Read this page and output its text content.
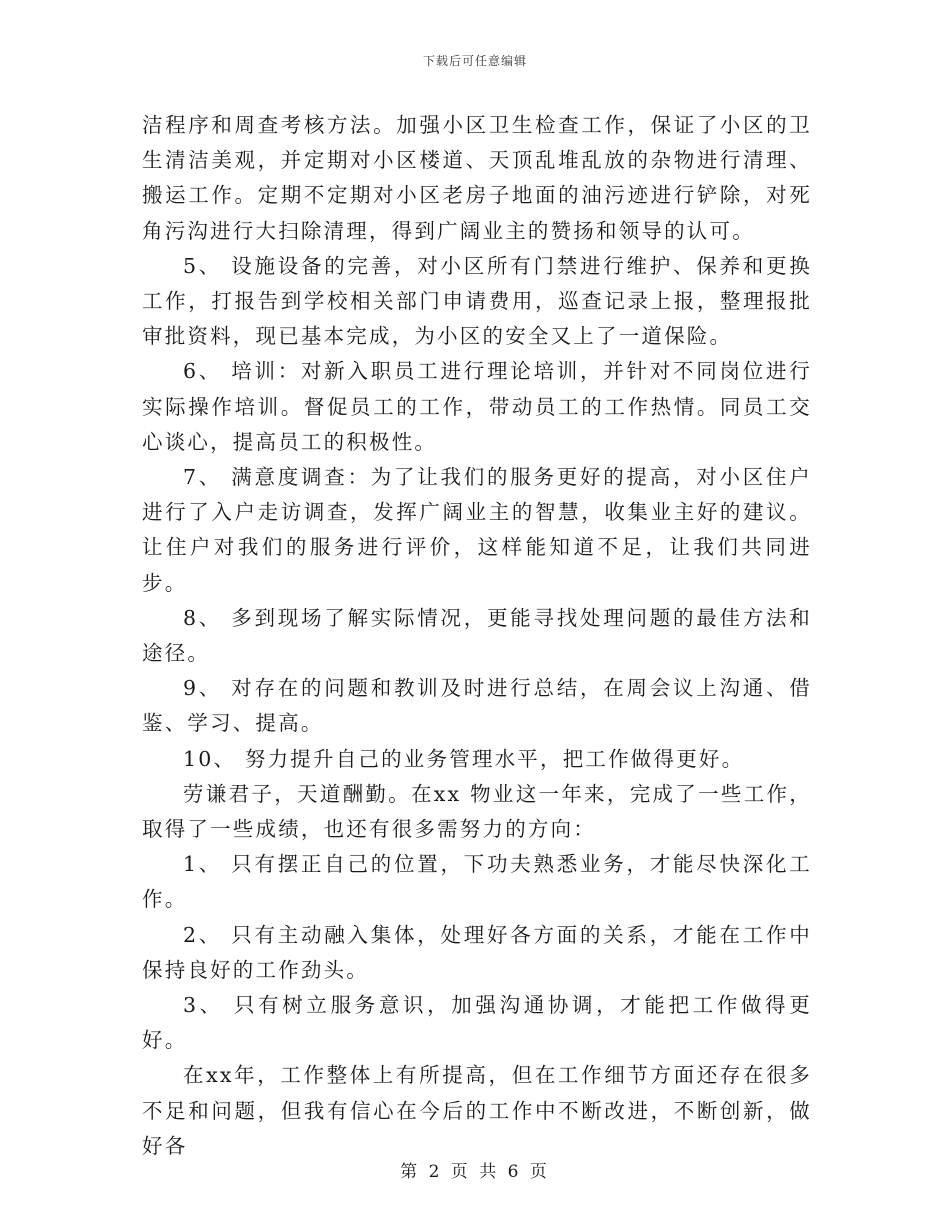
下载后可任意编辑

洁程序和周查考核方法。加强小区卫生检查工作，保证了小区的卫生清洁美观，并定期对小区楼道、天顶乱堆乱放的杂物进行清理、搬运工作。定期不定期对小区老房子地面的油污迹进行铲除，对死角污沟进行大扫除清理，得到广阔业主的赞扬和领导的认可。

5、 设施设备的完善，对小区所有门禁进行维护、保养和更换工作，打报告到学校相关部门申请费用，巡查记录上报，整理报批审批资料，现已基本完成，为小区的安全又上了一道保险。

6、 培训：对新入职员工进行理论培训，并针对不同岗位进行实际操作培训。督促员工的工作，带动员工的工作热情。同员工交心谈心，提高员工的积极性。

7、 满意度调查：为了让我们的服务更好的提高，对小区住户进行了入户走访调查，发挥广阔业主的智慧，收集业主好的建议。让住户对我们的服务进行评价，这样能知道不足，让我们共同进步。

8、 多到现场了解实际情况，更能寻找处理问题的最佳方法和途径。

9、 对存在的问题和教训及时进行总结，在周会议上沟通、借鉴、学习、提高。

10、 努力提升自己的业务管理水平，把工作做得更好。

劳谦君子，天道酬勤。在xx 物业这一年来，完成了一些工作，取得了一些成绩，也还有很多需努力的方向：

1、 只有摆正自己的位置，下功夫熟悉业务，才能尽快深化工作。

2、 只有主动融入集体，处理好各方面的关系，才能在工作中保持良好的工作劲头。

3、 只有树立服务意识，加强沟通协调，才能把工作做得更好。

在xx年，工作整体上有所提高，但在工作细节方面还存在很多不足和问题，但我有信心在今后的工作中不断改进，不断创新，做好各

第 2 页 共 6 页
